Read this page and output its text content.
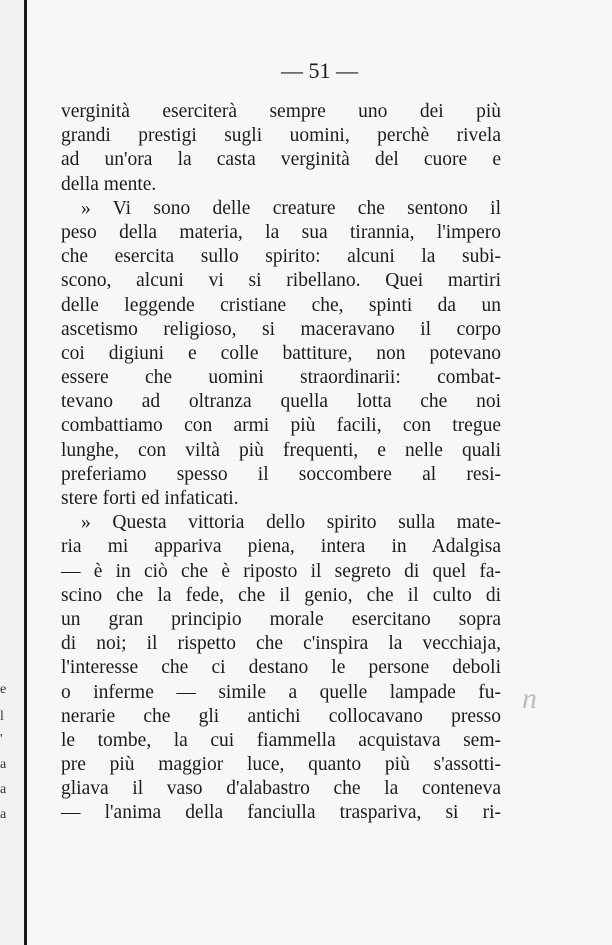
e
l
'
a
a
a
— 51 —
verginità eserciterà sempre uno dei più
grandi prestigi sugli uomini, perchè rivela
ad un'ora la casta verginità del cuore e
della mente.
» Vi sono delle creature che sentono il
peso della materia, la sua tirannia, l'impero
che esercita sullo spirito: alcuni la subi-
scono, alcuni vi si ribellano. Quei martiri
delle leggende cristiane che, spinti da un
ascetismo religioso, si maceravano il corpo
coi digiuni e colle battiture, non potevano
essere che uomini straordinarii: combat-
tevano ad oltranza quella lotta che noi
combattiamo con armi più facili, con tregue
lunghe, con viltà più frequenti, e nelle quali
preferiamo spesso il soccombere al resi-
stere forti ed infaticati.
» Questa vittoria dello spirito sulla mate-
ria mi appariva piena, intera in Adalgisa
— è in ciò che è riposto il segreto di quel fa-
scino che la fede, che il genio, che il culto di
un gran principio morale esercitano sopra
di noi; il rispetto che c'inspira la vecchiaja,
l'interesse che ci destano le persone deboli
o inferme — simile a quelle lampade fu-
nerarie che gli antichi collocavano presso
le tombe, la cui fiammella acquistava sem-
pre più maggior luce, quanto più s'assotti-
gliava il vaso d'alabastro che la conteneva
— l'anima della fanciulla traspariva, si ri-
n
